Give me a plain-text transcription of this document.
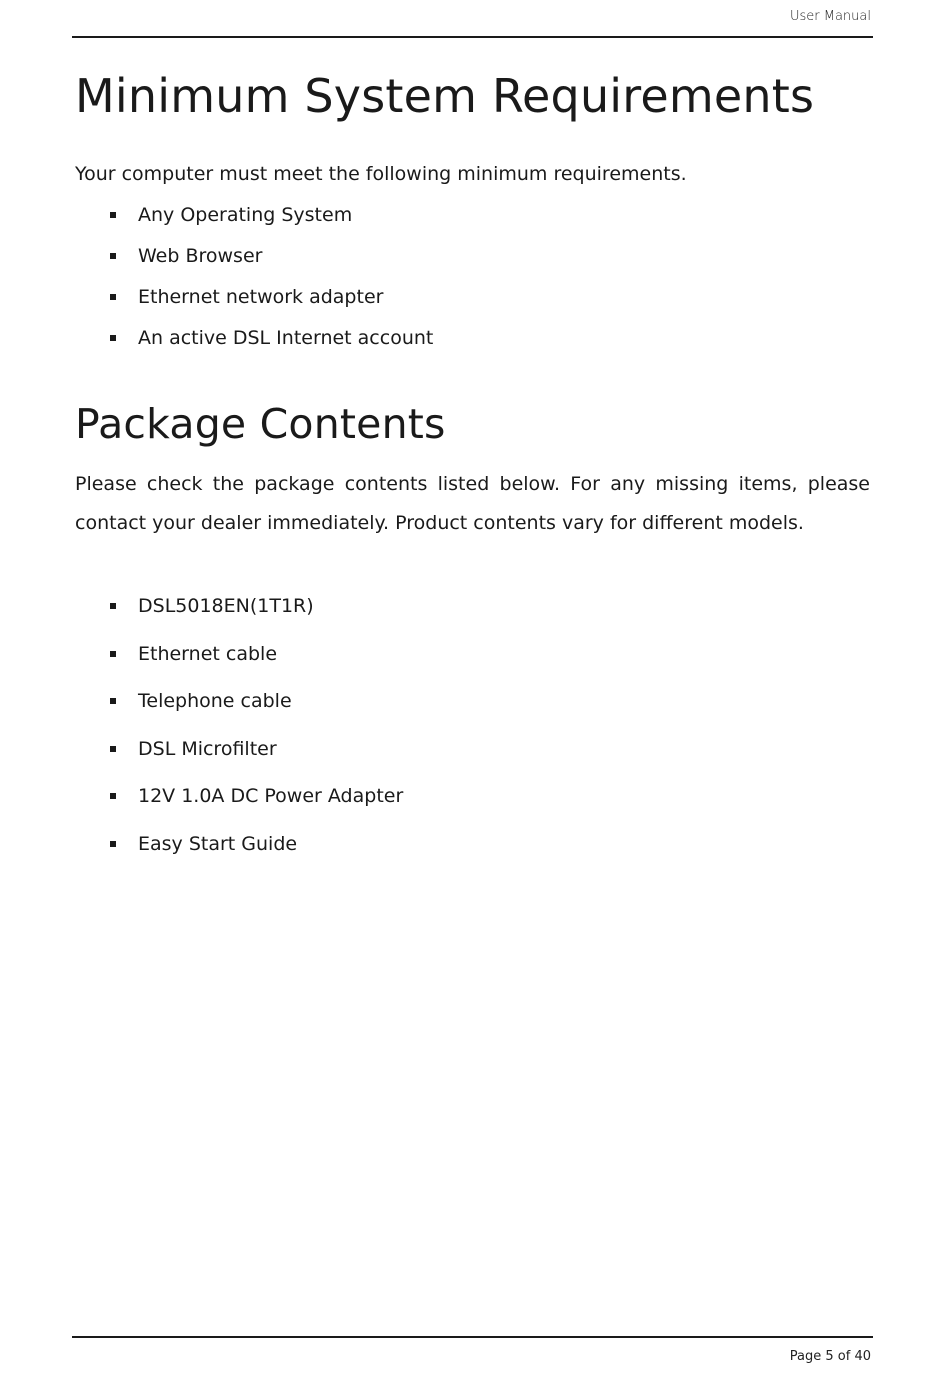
User Manual
Minimum System Requirements

Your computer must meet the following minimum requirements.

Any Operating System
Web Browser
Ethernet network adapter
An active DSL Internet account
Package Contents

Please check the package contents listed below. For any missing items, please contact your dealer immediately. Product contents vary for different models.

DSL5018EN(1T1R)
Ethernet cable
Telephone cable
DSL Microfilter
12V 1.0A DC Power Adapter
Easy Start Guide
Page 5 of 40
